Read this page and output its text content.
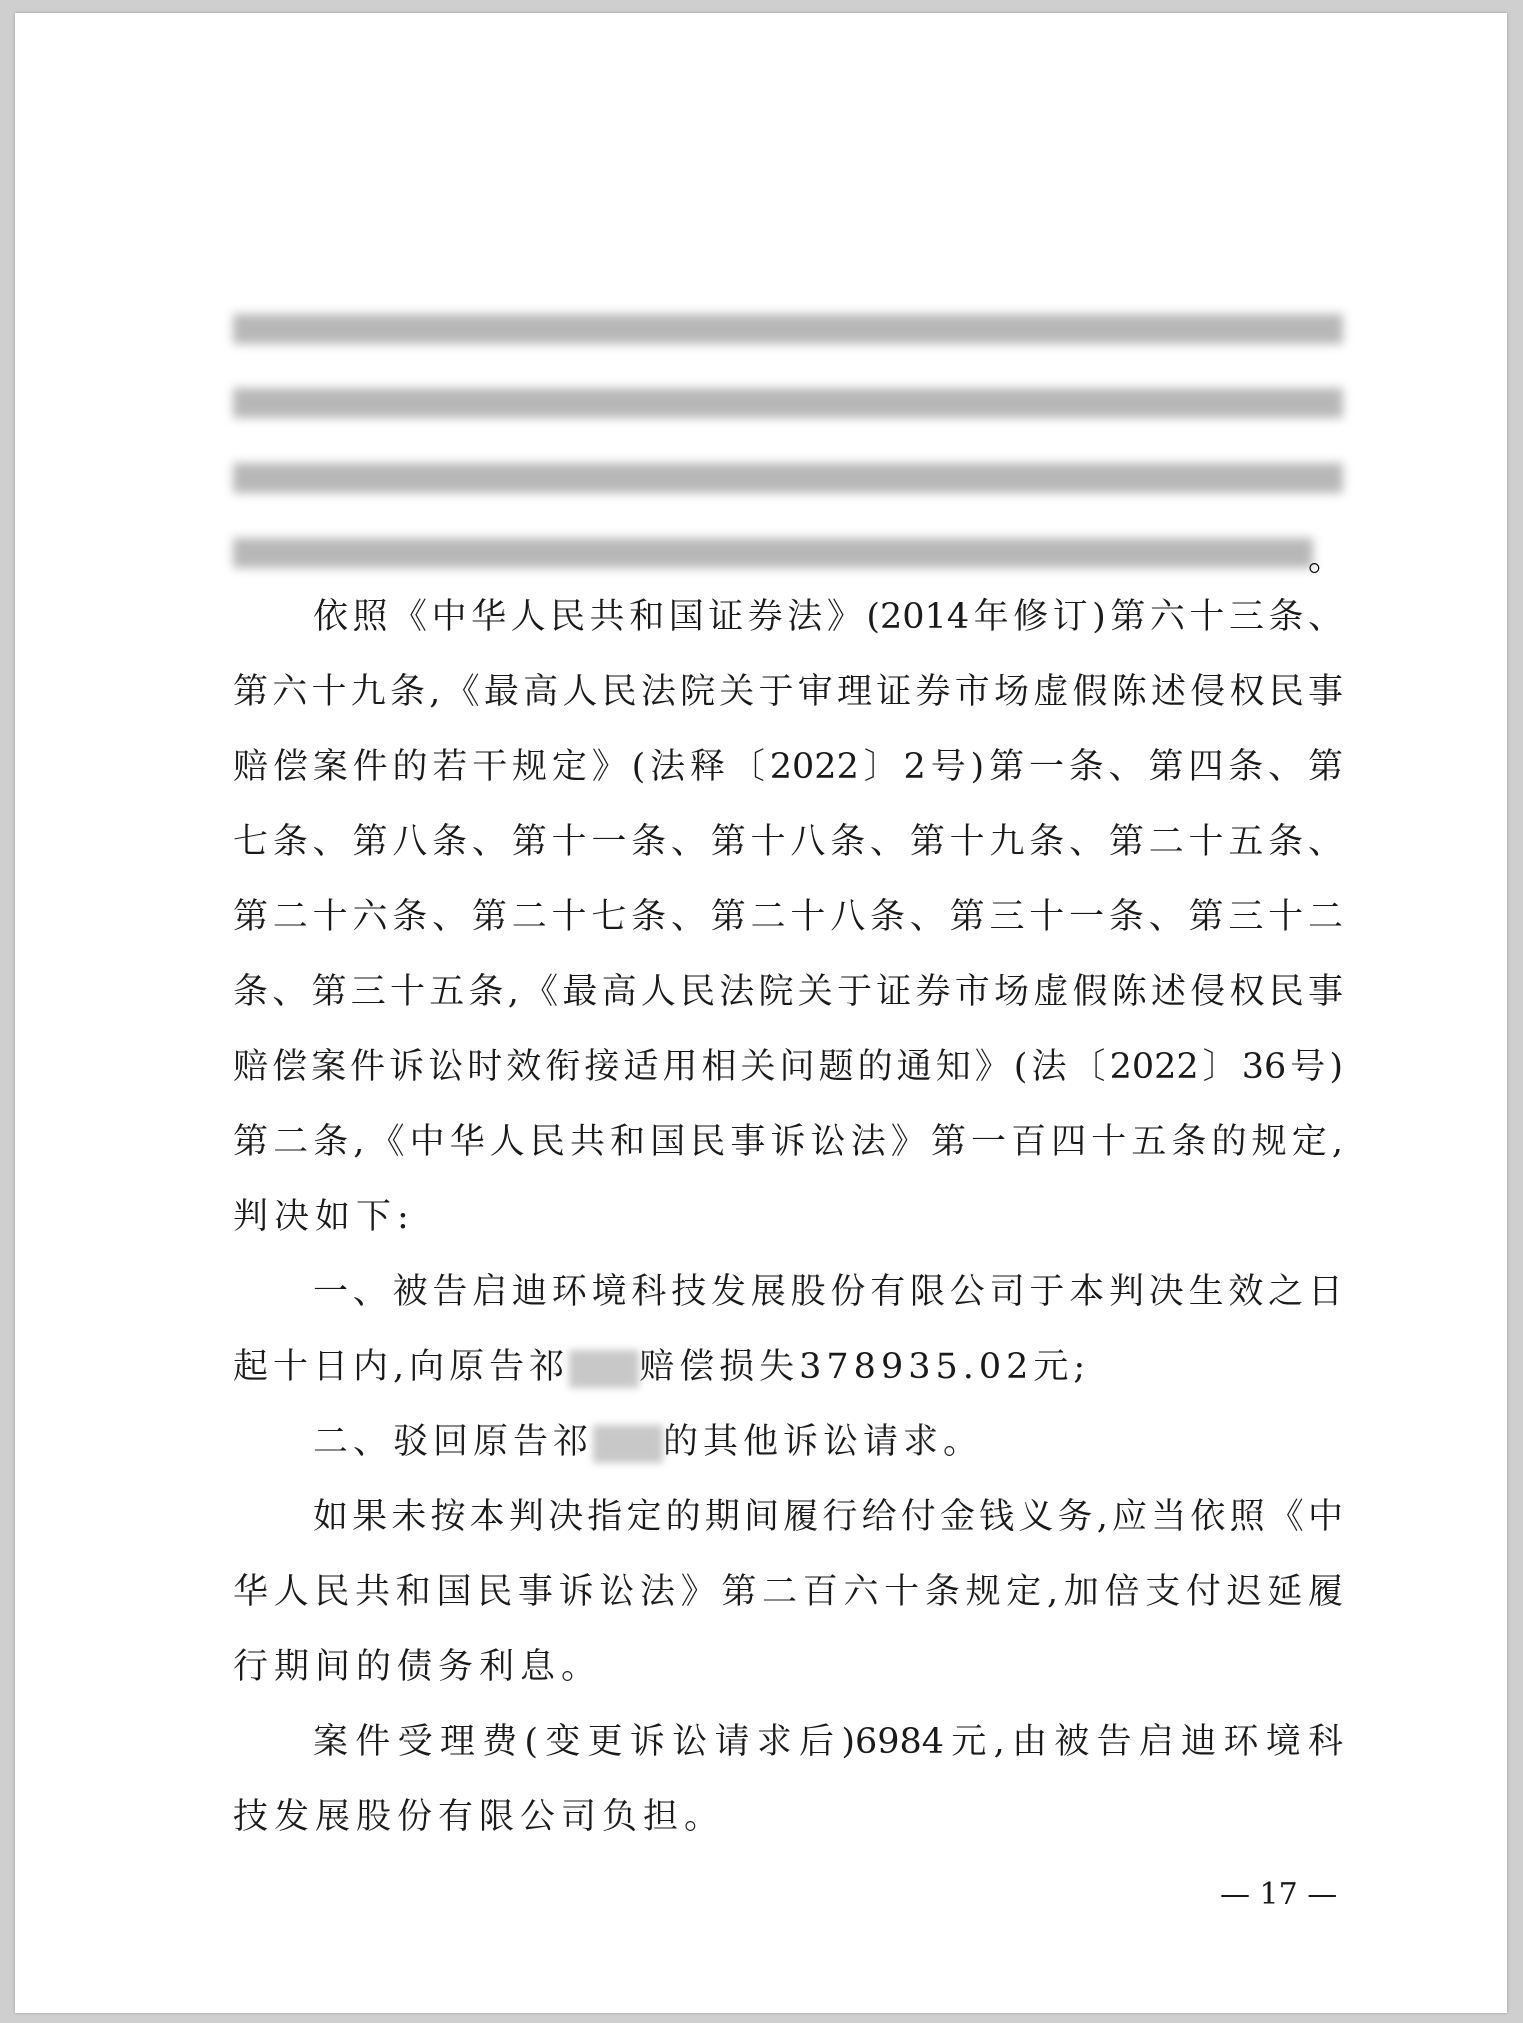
。
依照《中华人民共和国证券法》(2014年修订)第六十三条、
第六十九条,《最高人民法院关于审理证券市场虚假陈述侵权民事
赔偿案件的若干规定》(法释〔2022〕2号)第一条、第四条、第
七条、第八条、第十一条、第十八条、第十九条、第二十五条、
第二十六条、第二十七条、第二十八条、第三十一条、第三十二
条、第三十五条,《最高人民法院关于证券市场虚假陈述侵权民事
赔偿案件诉讼时效衔接适用相关问题的通知》(法〔2022〕36号)
第二条,《中华人民共和国民事诉讼法》第一百四十五条的规定,
判决如下:
一、被告启迪环境科技发展股份有限公司于本判决生效之日
起十日内,向原告祁 赔偿损失378935.02元;
二、驳回原告祁 的其他诉讼请求。
如果未按本判决指定的期间履行给付金钱义务,应当依照《中
华人民共和国民事诉讼法》第二百六十条规定,加倍支付迟延履
行期间的债务利息。
案件受理费(变更诉讼请求后)6984元,由被告启迪环境科
技发展股份有限公司负担。
— 17 —
